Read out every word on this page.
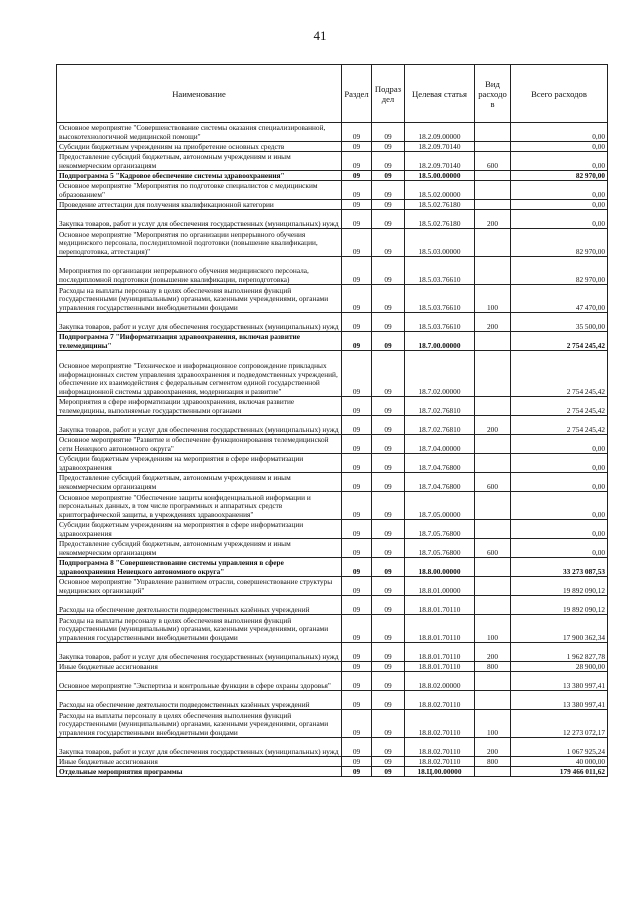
41
Наименование	Раздел	Подраз дел	Целевая статья	Вид расходо в	Всего расходов
Основное мероприятие "Совершенствование системы оказания специализированной, высокотехнологичной медицинской помощи"	09	09	18.2.09.00000		0,00
Субсидии бюджетным учреждениям на приобретение основных средств	09	09	18.2.09.70140		0,00
Предоставление субсидий бюджетным, автономным учреждениям и иным некоммерческим организациям	09	09	18.2.09.70140	600	0,00
Подпрограмма 5 "Кадровое обеспечение системы здравоохранения"	09	09	18.5.00.00000		82 970,00
Основное мероприятие "Мероприятия по подготовке специалистов с медицинским образованием"	09	09	18.5.02.00000		0,00
Проведение аттестации для получения квалификационной категории	09	09	18.5.02.76180		0,00
Закупка товаров, работ и услуг для обеспечения государственных (муниципальных) нужд	09	09	18.5.02.76180	200	0,00
Основное мероприятие "Мероприятия по организации непрерывного обучения медицинского персонала, последипломной подготовки (повышение квалификации, переподготовка, аттестация)"	09	09	18.5.03.00000		82 970,00
Мероприятия по организации непрерывного обучения медицинского персонала, последипломной подготовки (повышение квалификации, переподготовка)	09	09	18.5.03.76610		82 970,00
Расходы на выплаты персоналу в целях обеспечения выполнения функций государственными (муниципальными) органами, казенными учреждениями, органами управления государственными внебюджетными фондами	09	09	18.5.03.76610	100	47 470,00
Закупка товаров, работ и услуг для обеспечения государственных (муниципальных) нужд	09	09	18.5.03.76610	200	35 500,00
Подпрограмма 7 "Информатизация здравоохранения, включая развитие телемедицины"	09	09	18.7.00.00000		2 754 245,42
Основное мероприятие "Техническое и информационное сопровождение прикладных информационных систем управления здравоохранения и подведомственных учреждений, обеспечение их взаимодействия с федеральным сегментом единой государственной информационной системы здравоохранения, модернизация и развитие"	09	09	18.7.02.00000		2 754 245,42
Мероприятия в сфере информатизации здравоохранения, включая развитие телемедицины, выполняемые государственными органами	09	09	18.7.02.76810		2 754 245,42
Закупка товаров, работ и услуг для обеспечения государственных (муниципальных) нужд	09	09	18.7.02.76810	200	2 754 245,42
Основное мероприятие "Развитие и обеспечение функционирования телемедицинской сети Ненецкого автономного округа"	09	09	18.7.04.00000		0,00
Субсидии бюджетным учреждениям на мероприятия в сфере информатизации здравоохранения	09	09	18.7.04.76800		0,00
Предоставление субсидий бюджетным, автономным учреждениям и иным некоммерческим организациям	09	09	18.7.04.76800	600	0,00
Основное мероприятие "Обеспечение защиты конфиденциальной информации и персональных данных, в том числе программных и аппаратных средств криптографической защиты, в учреждениях здравоохранения"	09	09	18.7.05.00000		0,00
Субсидии бюджетным учреждениям на мероприятия в сфере информатизации здравоохранения	09	09	18.7.05.76800		0,00
Предоставление субсидий бюджетным, автономным учреждениям и иным некоммерческим организациям	09	09	18.7.05.76800	600	0,00
Подпрограмма 8 "Совершенствование системы управления в сфере здравоохранения Ненецкого автономного округа"	09	09	18.8.00.00000		33 273 087,53
Основное мероприятие "Управление развитием отрасли, совершенствование структуры медицинских организаций"	09	09	18.8.01.00000		19 892 090,12
Расходы на обеспечение деятельности подведомственных казённых учреждений	09	09	18.8.01.70110		19 892 090,12
Расходы на выплаты персоналу в целях обеспечения выполнения функций государственными (муниципальными) органами, казенными учреждениями, органами управления государственными внебюджетными фондами	09	09	18.8.01.70110	100	17 900 362,34
Закупка товаров, работ и услуг для обеспечения государственных (муниципальных) нужд	09	09	18.8.01.70110	200	1 962 827,78
Иные бюджетные ассигнования	09	09	18.8.01.70110	800	28 900,00
Основное мероприятие "Экспертиза и контрольные функции в сфере охраны здоровья"	09	09	18.8.02.00000		13 380 997,41
Расходы на обеспечение деятельности подведомственных казённых учреждений	09	09	18.8.02.70110		13 380 997,41
Расходы на выплаты персоналу в целях обеспечения выполнения функций государственными (муниципальными) органами, казенными учреждениями, органами управления государственными внебюджетными фондами	09	09	18.8.02.70110	100	12 273 072,17
Закупка товаров, работ и услуг для обеспечения государственных (муниципальных) нужд	09	09	18.8.02.70110	200	1 067 925,24
Иные бюджетные ассигнования	09	09	18.8.02.70110	800	40 000,00
Отдельные мероприятия программы	09	09	18.Ц.00.00000		179 466 011,62
